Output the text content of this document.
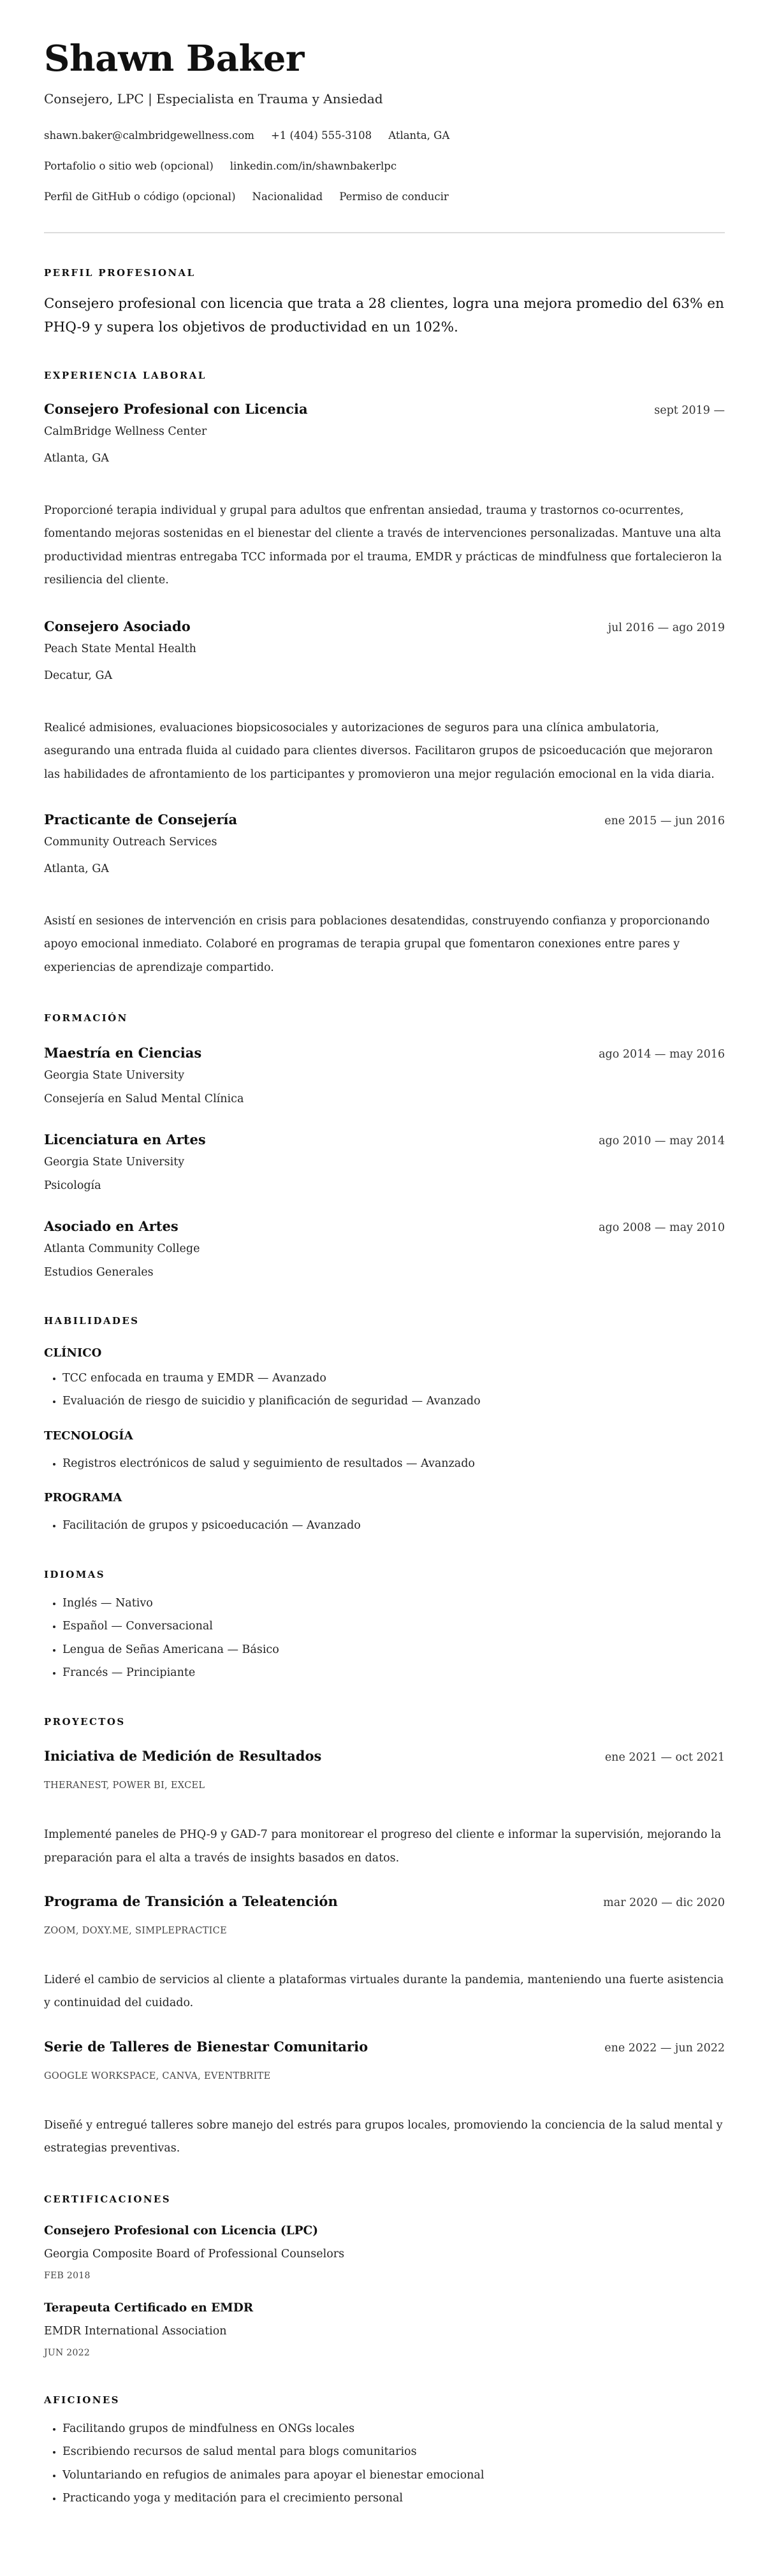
Shawn Baker
Consejero, LPC | Especialista en Trauma y Ansiedad
shawn.baker@calmbridgewellness.com +1 (404) 555-3108 Atlanta, GA
Portafolio o sitio web (opcional) linkedin.com/in/shawnbakerlpc
Perfil de GitHub o código (opcional) Nacionalidad Permiso de conducir
PERFIL PROFESIONAL
Consejero profesional con licencia que trata a 28 clientes, logra una mejora promedio del 63% en PHQ-9 y supera los objetivos de productividad en un 102%.
EXPERIENCIA LABORAL
Consejero Profesional con Licencia	sept 2019 —
CalmBridge Wellness Center
Atlanta, GA
Proporcioné terapia individual y grupal para adultos que enfrentan ansiedad, trauma y trastornos co-ocurrentes, fomentando mejoras sostenidas en el bienestar del cliente a través de intervenciones personalizadas. Mantuve una alta productividad mientras entregaba TCC informada por el trauma, EMDR y prácticas de mindfulness que fortalecieron la resiliencia del cliente.
Consejero Asociado	jul 2016 — ago 2019
Peach State Mental Health
Decatur, GA
Realicé admisiones, evaluaciones biopsicosociales y autorizaciones de seguros para una clínica ambulatoria, asegurando una entrada fluida al cuidado para clientes diversos. Facilitaron grupos de psicoeducación que mejoraron las habilidades de afrontamiento de los participantes y promovieron una mejor regulación emocional en la vida diaria.
Practicante de Consejería	ene 2015 — jun 2016
Community Outreach Services
Atlanta, GA
Asistí en sesiones de intervención en crisis para poblaciones desatendidas, construyendo confianza y proporcionando apoyo emocional inmediato. Colaboré en programas de terapia grupal que fomentaron conexiones entre pares y experiencias de aprendizaje compartido.
FORMACIÓN
Maestría en Ciencias	ago 2014 — may 2016
Georgia State University
Consejería en Salud Mental Clínica
Licenciatura en Artes	ago 2010 — may 2014
Georgia State University
Psicología
Asociado en Artes	ago 2008 — may 2010
Atlanta Community College
Estudios Generales
HABILIDADES
CLÍNICO
• TCC enfocada en trauma y EMDR — Avanzado
• Evaluación de riesgo de suicidio y planificación de seguridad — Avanzado
TECNOLOGÍA
• Registros electrónicos de salud y seguimiento de resultados — Avanzado
PROGRAMA
• Facilitación de grupos y psicoeducación — Avanzado
IDIOMAS
• Inglés — Nativo
• Español — Conversacional
• Lengua de Señas Americana — Básico
• Francés — Principiante
PROYECTOS
Iniciativa de Medición de Resultados	ene 2021 — oct 2021
THERANEST, POWER BI, EXCEL
Implementé paneles de PHQ-9 y GAD-7 para monitorear el progreso del cliente e informar la supervisión, mejorando la preparación para el alta a través de insights basados en datos.
Programa de Transición a Teleatención	mar 2020 — dic 2020
ZOOM, DOXY.ME, SIMPLEPRACTICE
Lideré el cambio de servicios al cliente a plataformas virtuales durante la pandemia, manteniendo una fuerte asistencia y continuidad del cuidado.
Serie de Talleres de Bienestar Comunitario	ene 2022 — jun 2022
GOOGLE WORKSPACE, CANVA, EVENTBRITE
Diseñé y entregué talleres sobre manejo del estrés para grupos locales, promoviendo la conciencia de la salud mental y estrategias preventivas.
CERTIFICACIONES
Consejero Profesional con Licencia (LPC)
Georgia Composite Board of Professional Counselors
FEB 2018
Terapeuta Certificado en EMDR
EMDR International Association
JUN 2022
AFICIONES
• Facilitando grupos de mindfulness en ONGs locales
• Escribiendo recursos de salud mental para blogs comunitarios
• Voluntariando en refugios de animales para apoyar el bienestar emocional
• Practicando yoga y meditación para el crecimiento personal
